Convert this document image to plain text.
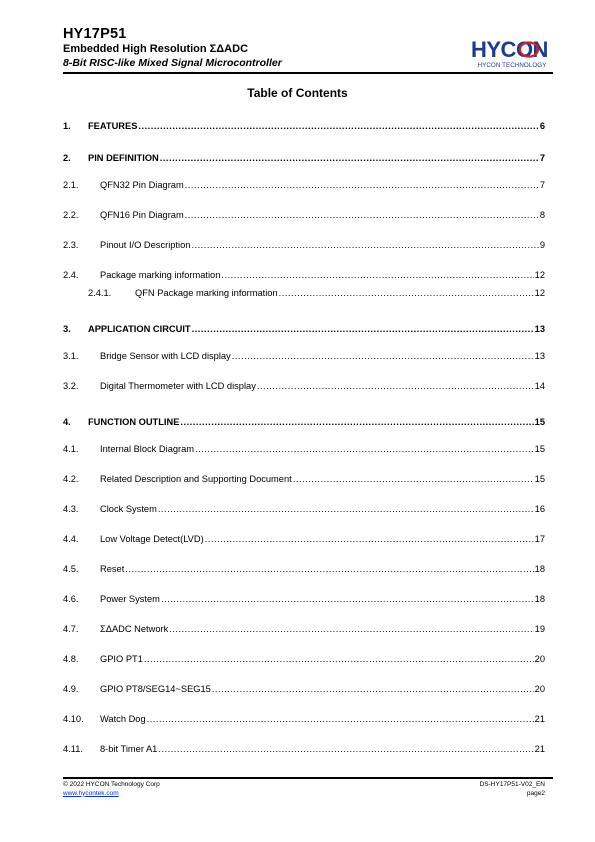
HY17P51
Embedded High Resolution ΣΔADC
8-Bit RISC-like Mixed Signal Microcontroller
HYCON
HYCON TECHNOLOGY
Table of Contents
1.	FEATURES .....	6
2.	PIN DEFINITION .....	7
2.1.	QFN32 Pin Diagram .....	7
2.2.	QFN16 Pin Diagram .....	8
2.3.	Pinout I/O Description .....	9
2.4.	Package marking information .....	12
2.4.1.	QFN Package marking information .....	12
3.	APPLICATION CIRCUIT .....	13
3.1.	Bridge Sensor with LCD display .....	13
3.2.	Digital Thermometer with LCD display .....	14
4.	FUNCTION OUTLINE .....	15
4.1.	Internal Block Diagram .....	15
4.2.	Related Description and Supporting Document .....	15
4.3.	Clock System .....	16
4.4.	Low Voltage Detect(LVD) .....	17
4.5.	Reset .....	18
4.6.	Power System .....	18
4.7.	ΣΔADC Network .....	19
4.8.	GPIO PT1 .....	20
4.9.	GPIO PT8/SEG14~SEG15 .....	20
4.10.	Watch Dog .....	21
4.11.	8-bit Timer A1 .....	21
© 2022 HYCON Technology Corp
www.hycontek.com
DS-HY17P51-V02_EN
page2
